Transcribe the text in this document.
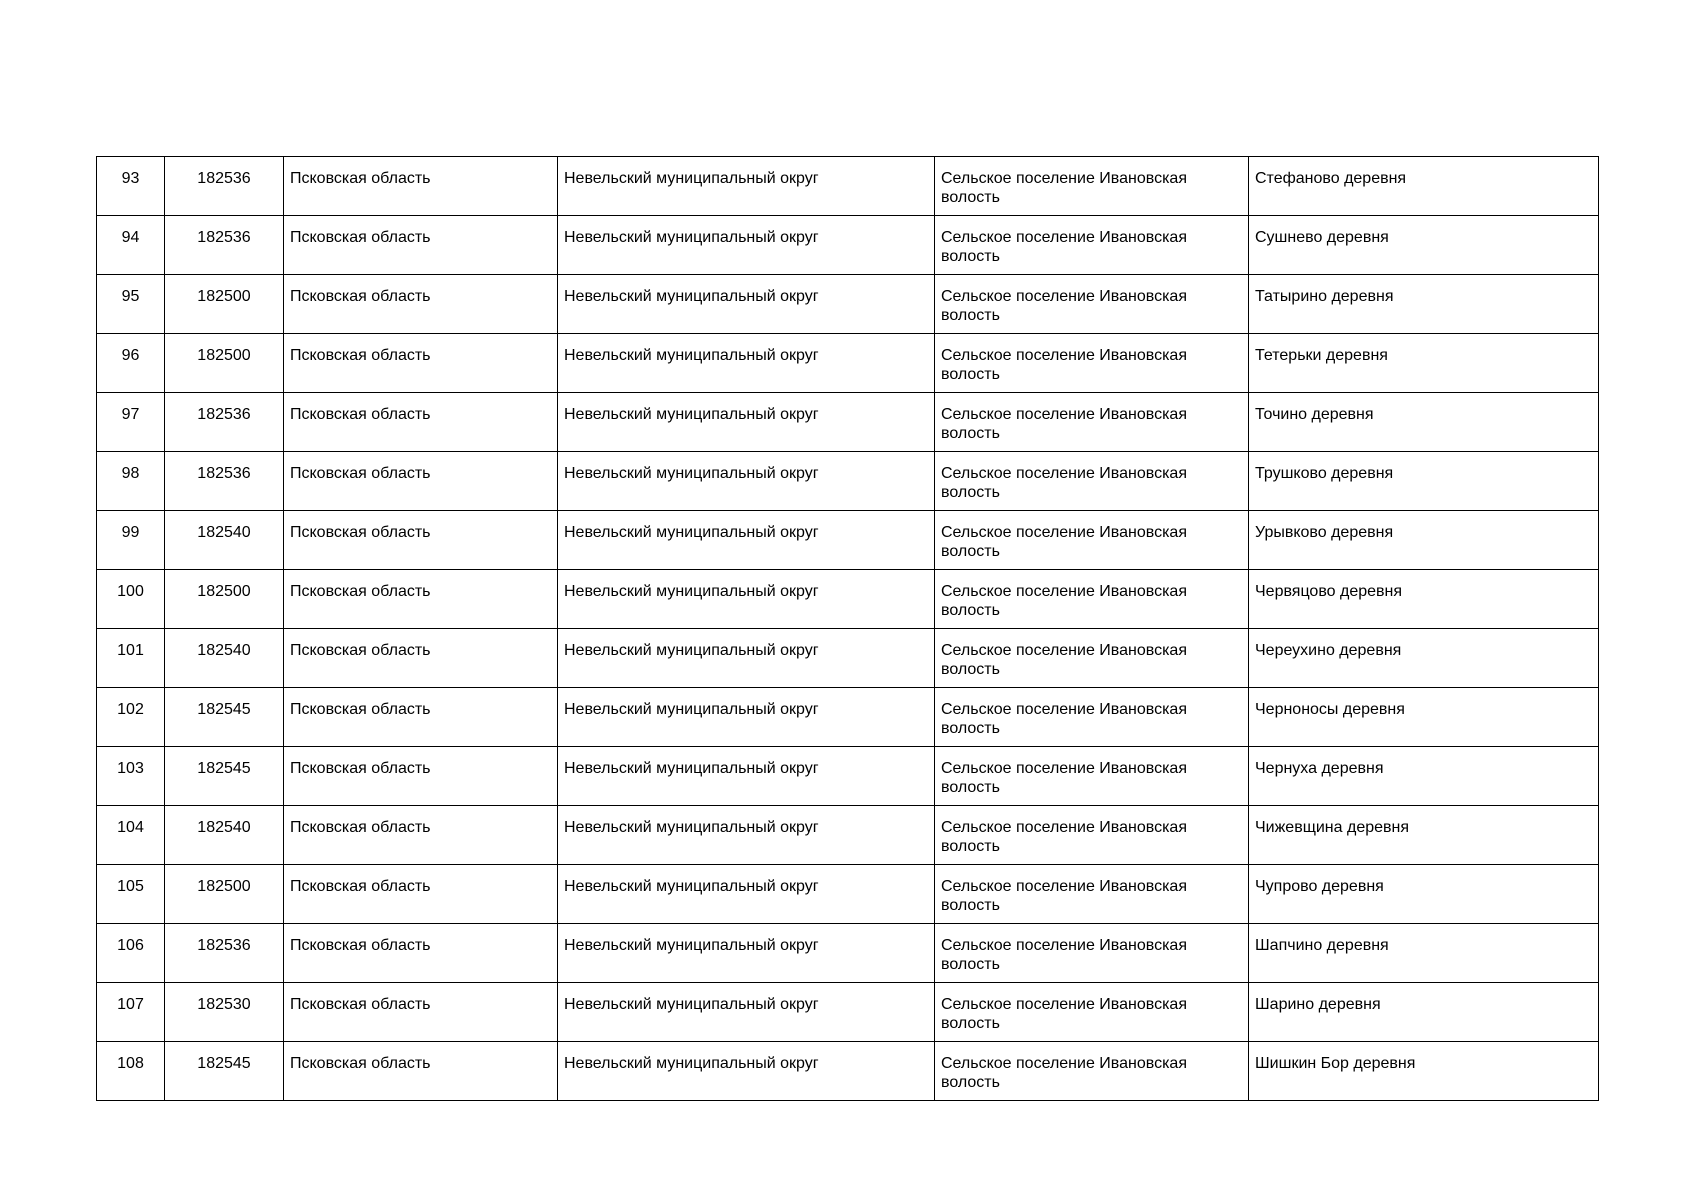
93	182536	Псковская область	Невельский муниципальный округ	Сельское поселение Ивановская волость	Стефаново деревня
94	182536	Псковская область	Невельский муниципальный округ	Сельское поселение Ивановская волость	Сушнево деревня
95	182500	Псковская область	Невельский муниципальный округ	Сельское поселение Ивановская волость	Татырино деревня
96	182500	Псковская область	Невельский муниципальный округ	Сельское поселение Ивановская волость	Тетерьки деревня
97	182536	Псковская область	Невельский муниципальный округ	Сельское поселение Ивановская волость	Точино деревня
98	182536	Псковская область	Невельский муниципальный округ	Сельское поселение Ивановская волость	Трушково деревня
99	182540	Псковская область	Невельский муниципальный округ	Сельское поселение Ивановская волость	Урывково деревня
100	182500	Псковская область	Невельский муниципальный округ	Сельское поселение Ивановская волость	Червяцово деревня
101	182540	Псковская область	Невельский муниципальный округ	Сельское поселение Ивановская волость	Череухино деревня
102	182545	Псковская область	Невельский муниципальный округ	Сельское поселение Ивановская волость	Черноносы деревня
103	182545	Псковская область	Невельский муниципальный округ	Сельское поселение Ивановская волость	Чернуха деревня
104	182540	Псковская область	Невельский муниципальный округ	Сельское поселение Ивановская волость	Чижевщина деревня
105	182500	Псковская область	Невельский муниципальный округ	Сельское поселение Ивановская волость	Чупрово деревня
106	182536	Псковская область	Невельский муниципальный округ	Сельское поселение Ивановская волость	Шапчино деревня
107	182530	Псковская область	Невельский муниципальный округ	Сельское поселение Ивановская волость	Шарино деревня
108	182545	Псковская область	Невельский муниципальный округ	Сельское поселение Ивановская волость	Шишкин Бор деревня
